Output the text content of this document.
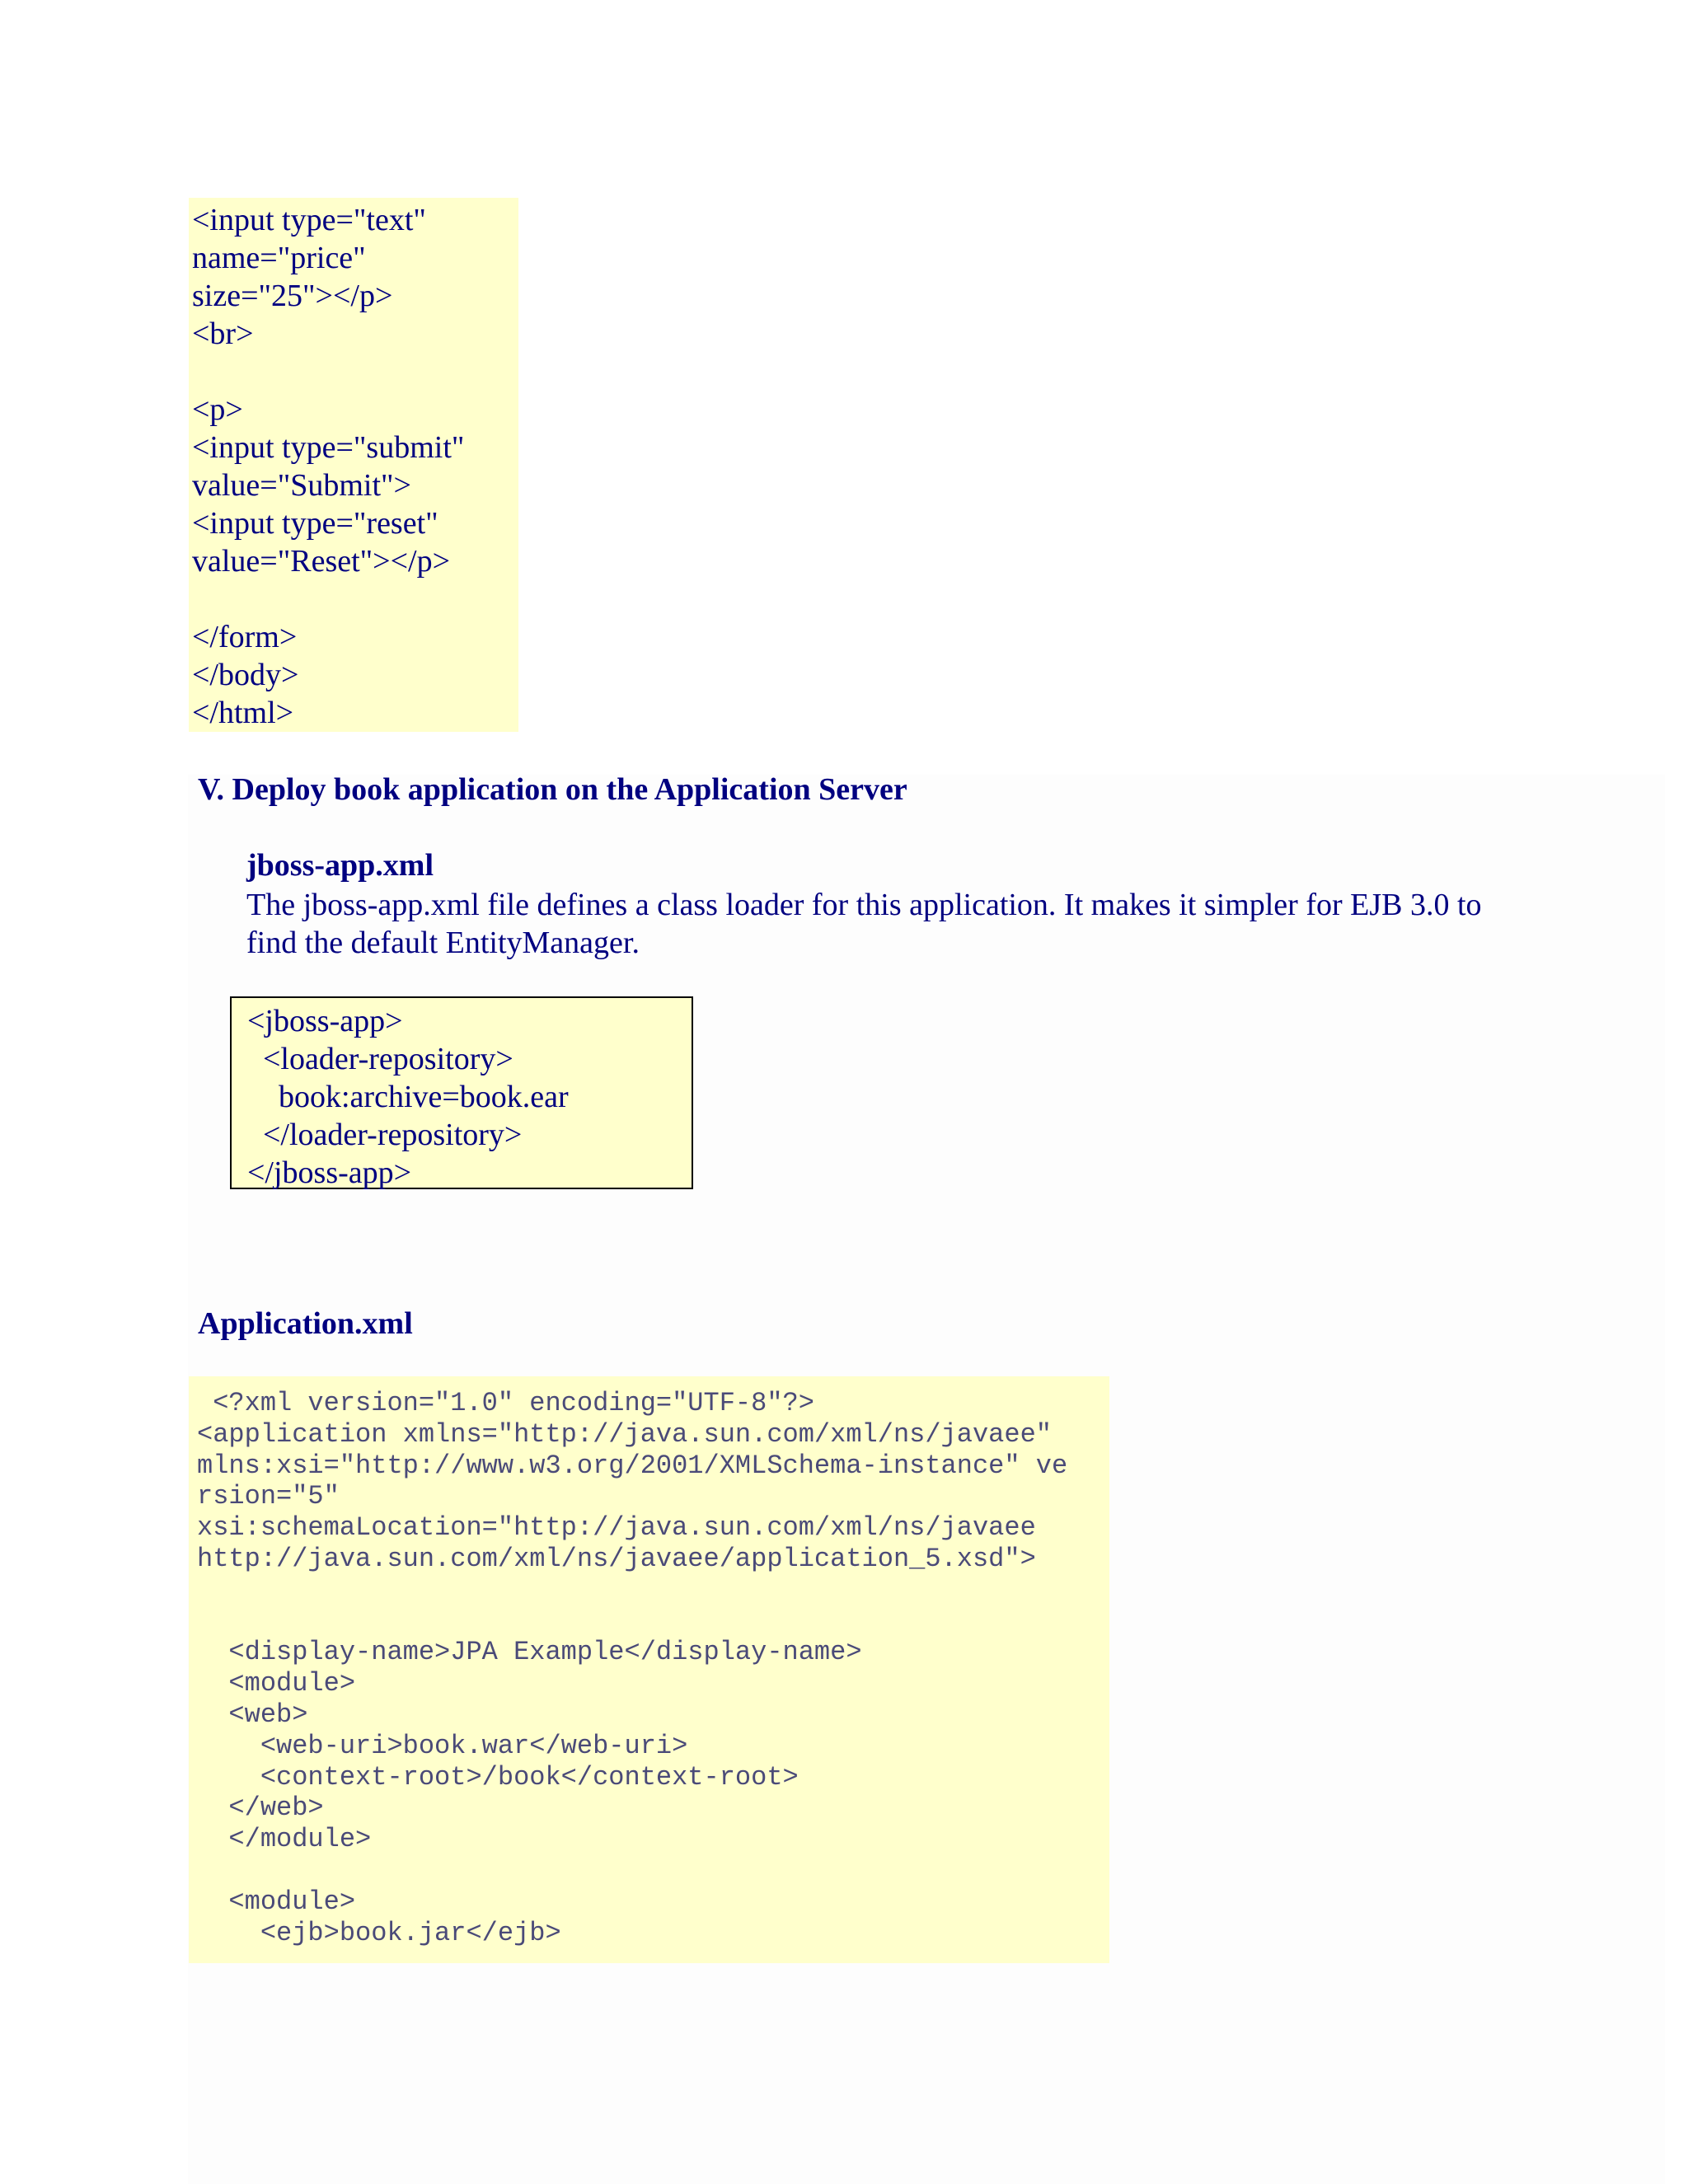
<input type="text"
name="price"
size="25"></p>
<br>

<p>
<input type="submit"
value="Submit">
<input type="reset"
value="Reset"></p>

</form>
</body>
</html>
V. Deploy book application on the Application Server
jboss-app.xml

The jboss-app.xml file defines a class loader for this application. It makes it simpler for EJB 3.0 to find the default EntityManager.

<jboss-app>
<loader-repository>
book:archive=book.ear
</loader-repository>
</jboss-app>
Application.xml
<?xml version="1.0" encoding="UTF-8"?>
<application xmlns="http://java.sun.com/xml/ns/javaee"
mlns:xsi="http://www.w3.org/2001/XMLSchema-instance" ve
rsion="5"
xsi:schemaLocation="http://java.sun.com/xml/ns/javaee
http://java.sun.com/xml/ns/javaee/application_5.xsd">

<display-name>JPA Example</display-name>
<module>
<web>
<web-uri>book.war</web-uri>
<context-root>/book</context-root>
</web>
</module>

<module>
<ejb>book.jar</ejb>
